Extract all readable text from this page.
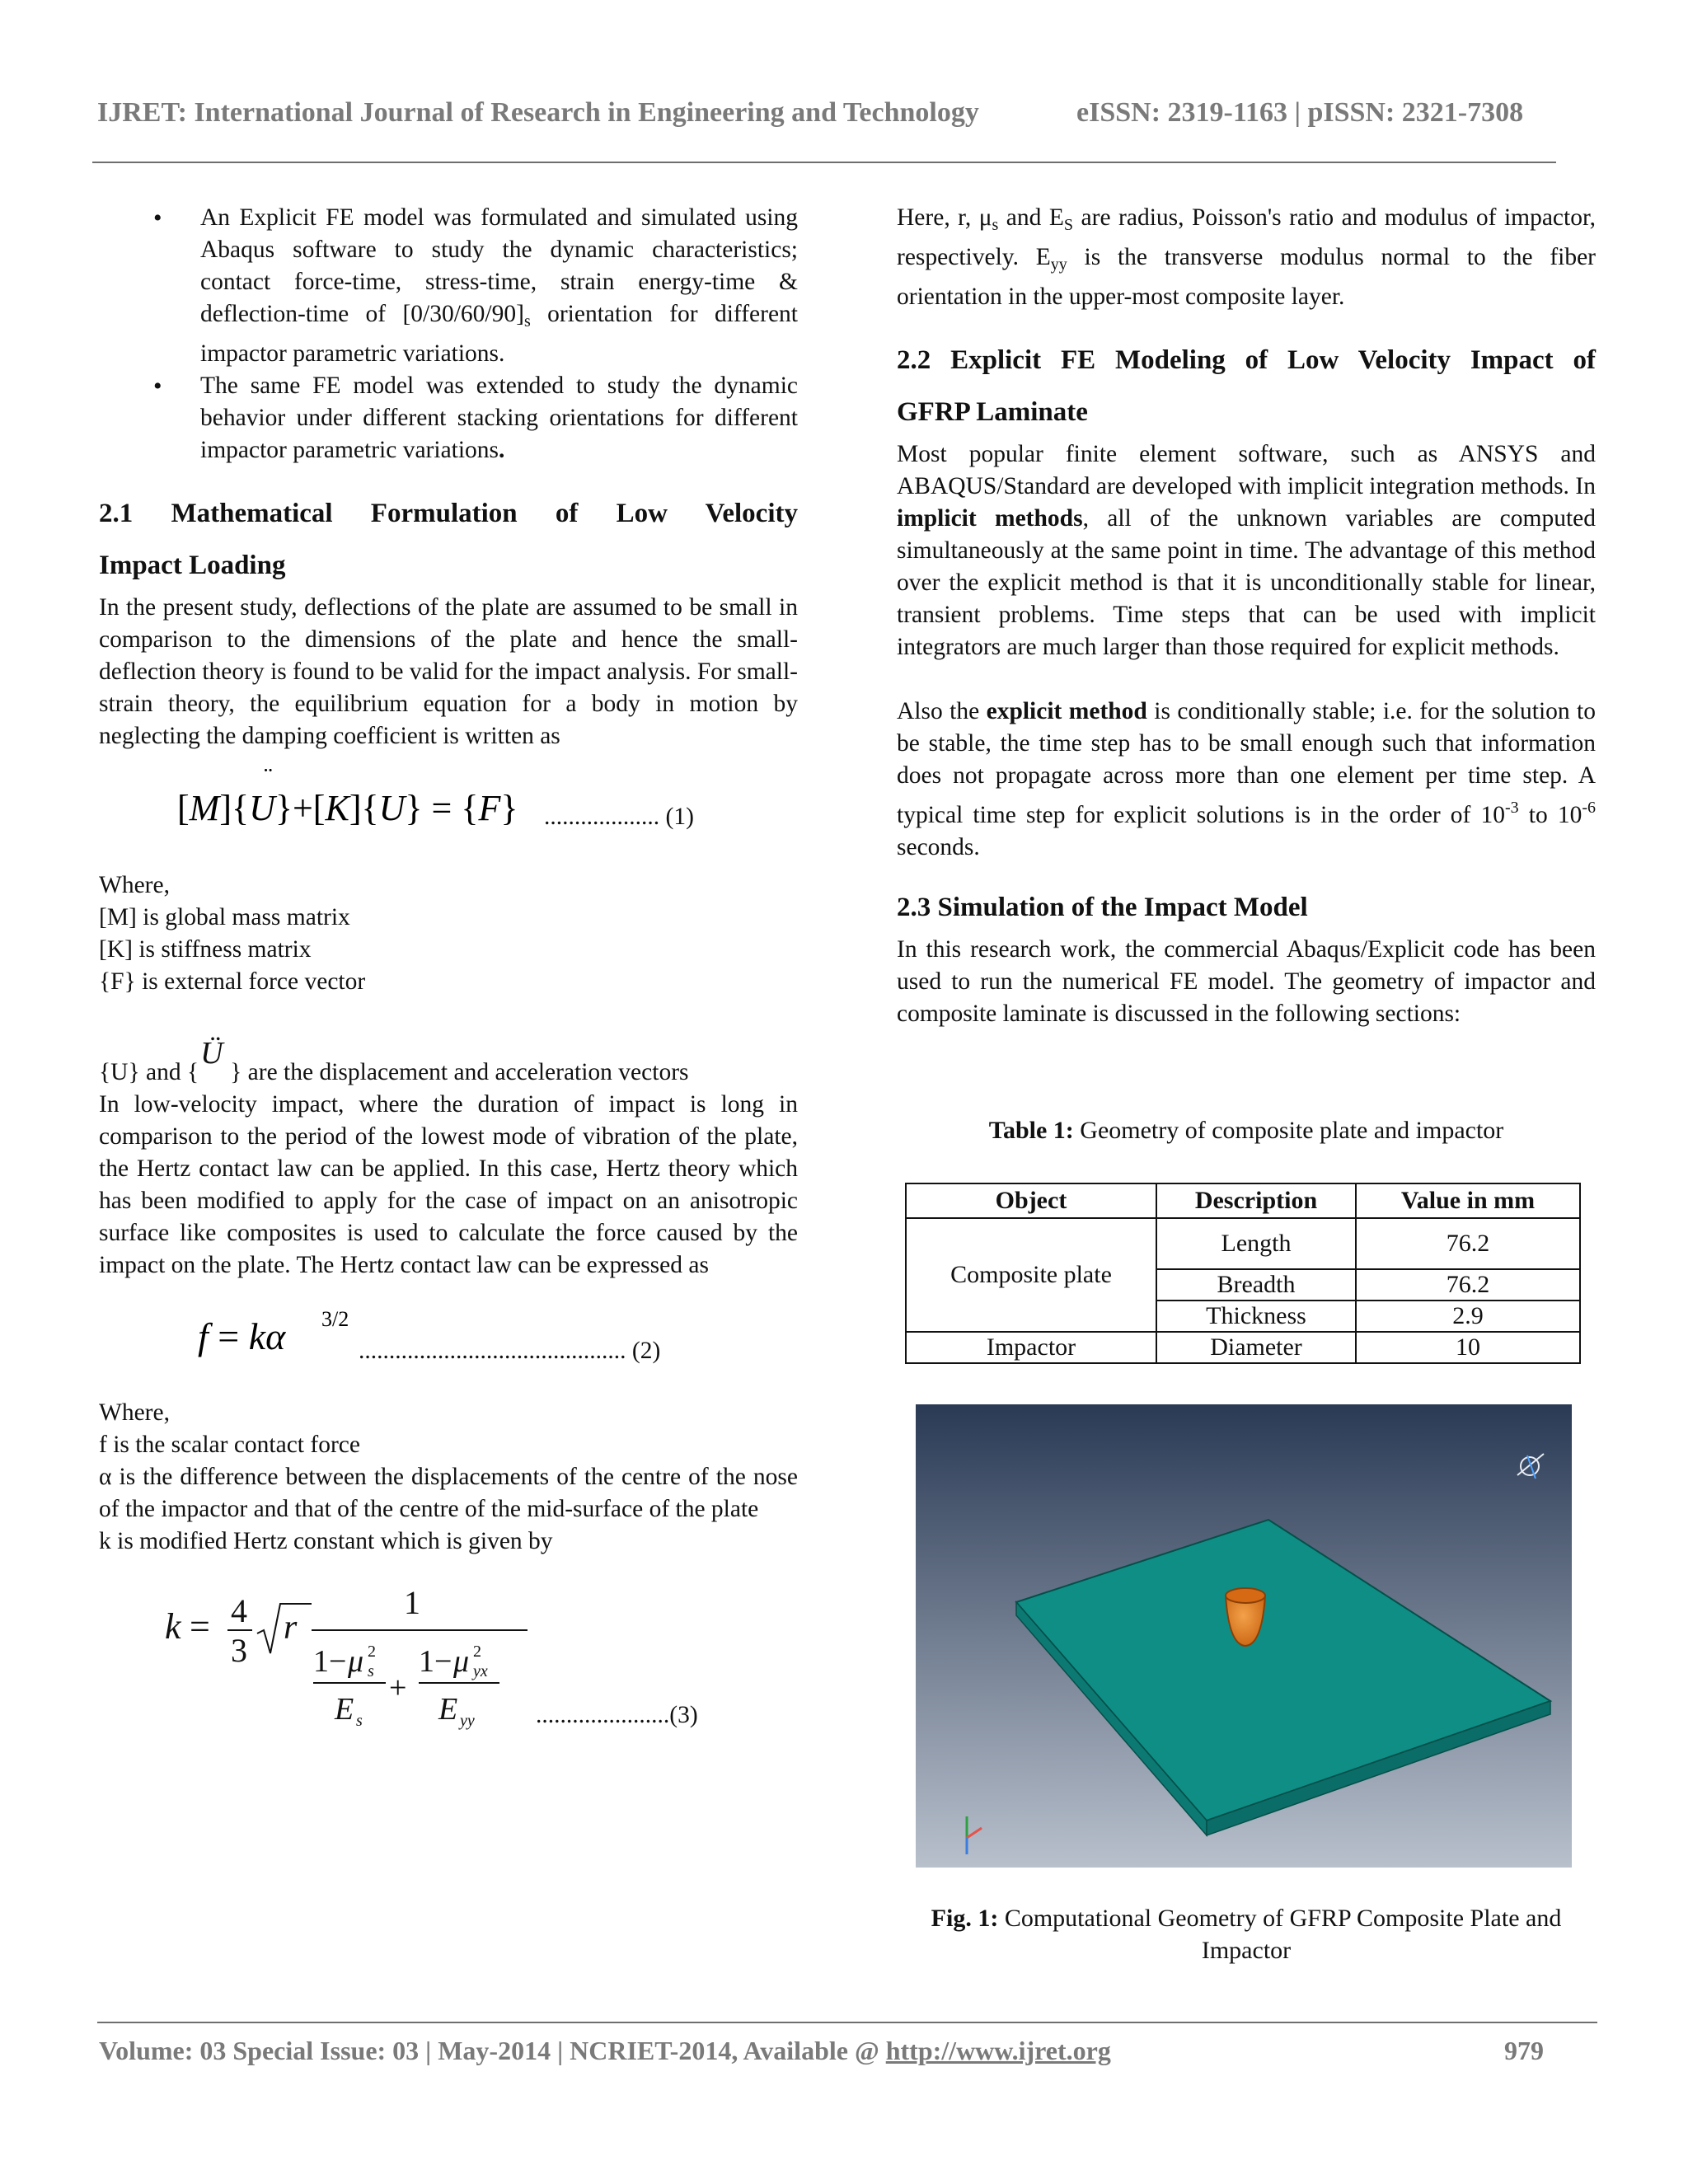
IJRET: International Journal of Research in Engineering and Technology	eISSN: 2319-1163 | pISSN: 2321-7308
• An Explicit FE model was formulated and simulated using Abaqus software to study the dynamic characteristics; contact force-time, stress-time, strain energy-time & deflection-time of $[0/30/60/90]_s$ orientation for different impactor parametric variations.

• The same FE model was extended to study the dynamic behavior under different stacking orientations for different impactor parametric variations.

2.1 Mathematical Formulation of Low Velocity

Impact Loading

In the present study, deflections of the plate are assumed to be small in comparison to the dimensions of the plate and hence the small-deflection theory is found to be valid for the impact analysis. For small-strain theory, the equilibrium equation for a body in motion by neglecting the damping coefficient is written as

[M]{U}+[K]{U} = {F}
¨
................... (1)

Where,

[M] is global mass matrix

[K] is stiffness matrix

{F} is external force vector

{U} and {
Ü
} are the displacement and acceleration vectors

In low-velocity impact, where the duration of impact is long in comparison to the period of the lowest mode of vibration of the plate, the Hertz contact law can be applied. In this case, Hertz theory which has been modified to apply for the case of impact on an anisotropic surface like composites is used to calculate the force caused by the impact on the plate. The Hertz contact law can be expressed as

f = kα 3/2
............................................ (2)

Where,

f is the scalar contact force

α is the difference between the displacements of the centre of the nose of the impactor and that of the centre of the mid-surface of the plate

k is modified Hertz constant which is given by

k = 4
3
r
1
1− μ 2
s
E s
+
1− μ 2
yx
E yy	......................(3)

Here, r, $\mu_s$ and $E_S$ are radius, Poisson's ratio and modulus of impactor, respectively. $E_{yy}$ is the transverse modulus normal to the fiber orientation in the upper-most composite layer.

2.2 Explicit FE Modeling of Low Velocity Impact of

GFRP Laminate

Most popular finite element software, such as ANSYS and ABAQUS/Standard are developed with implicit integration methods. In implicit methods, all of the unknown variables are computed simultaneously at the same point in time. The advantage of this method over the explicit method is that it is unconditionally stable for linear, transient problems. Time steps that can be used with implicit integrators are much larger than those required for explicit methods.

Also the explicit method is conditionally stable; i.e. for the solution to be stable, the time step has to be small enough such that information does not propagate across more than one element per time step. A typical time step for explicit solutions is in the order of $10^{-3}$ to $10^{-6}$ seconds.

2.3 Simulation of the Impact Model

In this research work, the commercial Abaqus/Explicit code has been used to run the numerical FE model. The geometry of impactor and composite laminate is discussed in the following sections:

Table 1: Geometry of composite plate and impactor
Object	Description	Value in mm
Composite plate	Length	76.2
	Breadth	76.2
	Thickness	2.9
Impactor	Diameter	10
Fig. 1: Computational Geometry of GFRP Composite Plate and Impactor
Volume: 03 Special Issue: 03 | May-2014 | NCRIET-2014, Available @ http://www.ijret.org	979
